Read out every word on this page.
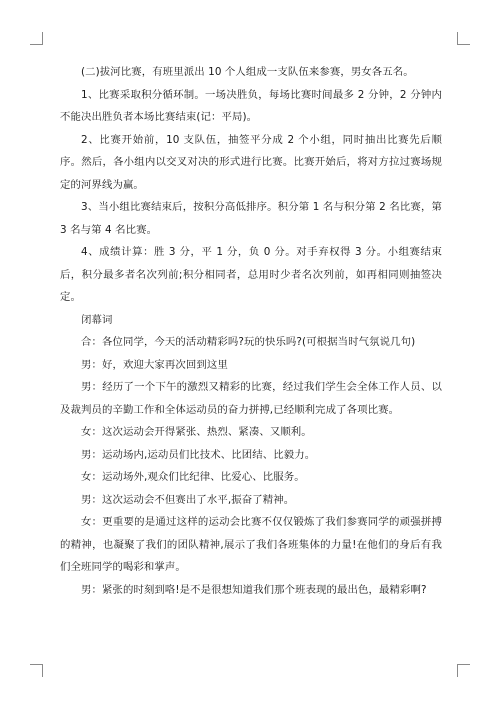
(二)拔河比赛，有班里派出 10 个人组成一支队伍来参赛，男女各五名。

1、比赛采取积分循环制。一场决胜负，每场比赛时间最多 2 分钟，2 分钟内不能决出胜负者本场比赛结束(记：平局)。

2、比赛开始前，10 支队伍，抽签平分成 2 个小组，同时抽出比赛先后顺序。然后，各小组内以交叉对决的形式进行比赛。比赛开始后，将对方拉过赛场规定的河界线为赢。

3、当小组比赛结束后，按积分高低排序。积分第 1 名与积分第 2 名比赛，第 3 名与第 4 名比赛。

4、成绩计算：胜 3 分，平 1 分，负 0 分。对手弃权得 3 分。小组赛结束后，积分最多者名次列前;积分相同者，总用时少者名次列前，如再相同则抽签决定。

闭幕词

合：各位同学，今天的活动精彩吗?玩的快乐吗?(可根据当时气氛说几句)

男：好，欢迎大家再次回到这里

男：经历了一个下午的激烈又精彩的比赛，经过我们学生会全体工作人员、以及裁判员的辛勤工作和全体运动员的奋力拼搏,已经顺利完成了各项比赛。

女：这次运动会开得紧张、热烈、紧凑、又顺利。

男：运动场内,运动员们比技术、比团结、比毅力。

女：运动场外,观众们比纪律、比爱心、比服务。

男：这次运动会不但赛出了水平,振奋了精神。

女：更重要的是通过这样的运动会比赛不仅仅锻炼了我们参赛同学的顽强拼搏的精神，也凝聚了我们的团队精神,展示了我们各班集体的力量!在他们的身后有我们全班同学的喝彩和掌声。

男：紧张的时刻到咯!是不是很想知道我们那个班表现的最出色，最精彩啊?
